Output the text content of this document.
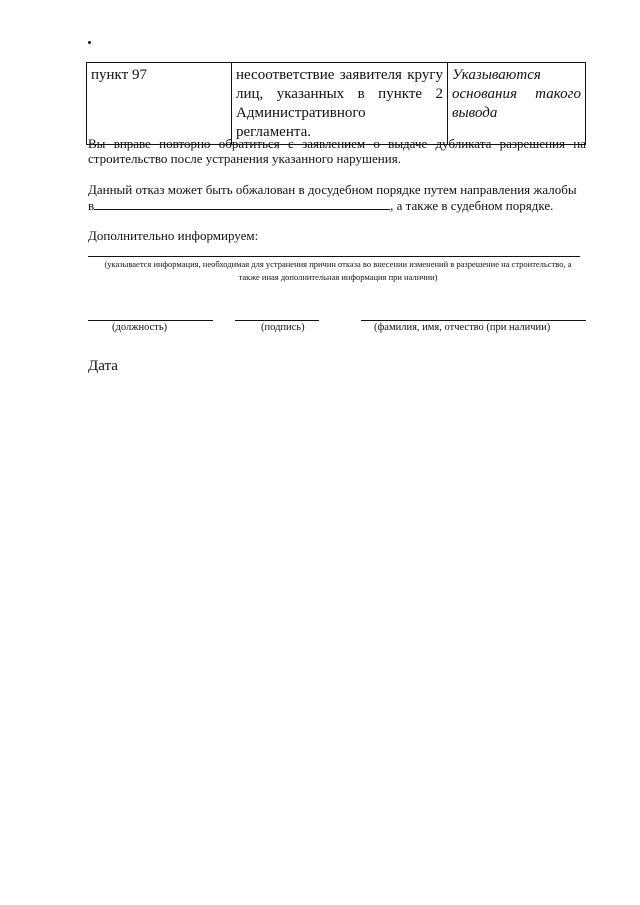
пункт 97	несоответствие заявителя кругу лиц, указанных в пункте 2 Административного регламента.	Указываются основания такого вывода
Вы вправе повторно обратиться с заявлением о выдаче дубликата разрешения на строительство после устранения указанного нарушения.
Данный отказ может быть обжалован в досудебном порядке путем направления жалобы
в	, а также в судебном порядке.
Дополнительно информируем:
(указывается информация, необходимая для устранения причин отказа во внесении изменений в разрешение на строительство, а также иная дополнительная информация при наличии)
(должность)	(подпись)	(фамилия, имя, отчество (при наличии)
Дата
